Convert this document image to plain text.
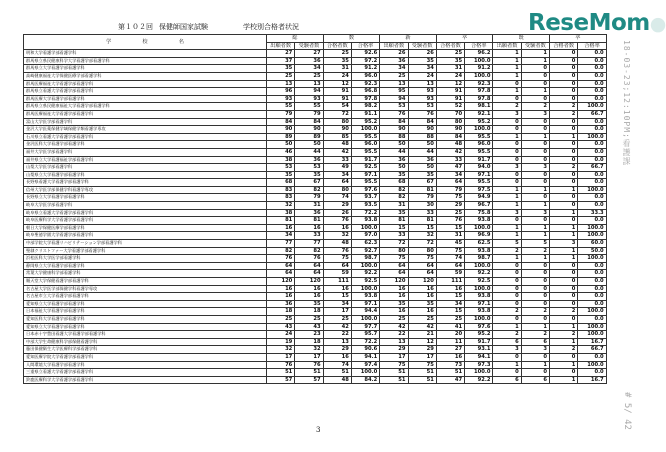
第１０２回 保健師国家試験	学校別合格者状況	ReseMom●
18-03-23;12:10PM;看護課
# 5/ 42
学　　　　　　校　　　　　　名	総		数		新		卒		既		卒	
	出願者数	受験者数	合格者数	合格率	出願者数	受験者数	合格者数	合格率	出願者数	受験者数	合格者数	合格率
明和大学看護学部看護学科	27	27	25	92.6	26	26	25	96.2	1	1	0	0.0
群馬県立県民健康科学大学看護学部看護学科	37	36	35	97.2	36	35	35	100.0	1	1	0	0.0
群馬県立大学看護学部看護学科	35	34	31	91.2	34	34	31	91.2	1	0	0	0.0
高崎健康福祉大学保健医療学部看護学科	25	25	24	96.0	25	24	24	100.0	1	0	0	0.0
群馬医療福祉大学看護学部看護学科	13	13	12	92.3	13	13	12	92.3	0	0	0	0.0
群馬県立看護大学看護学部看護学科	96	94	91	96.8	95	93	91	97.8	1	1	0	0.0
群馬医療大学看護学部看護学科	93	93	91	97.8	94	93	91	97.8	0	0	0	0.0
群馬県立県民健康福祉大学看護学部看護学科	55	55	54	98.2	53	53	52	98.1	2	2	2	100.0
群馬医療福祉大学看護学部看護学科	79	79	72	91.1	76	76	70	92.1	3	3	2	66.7
富山大学医学部看護学科	84	84	80	95.2	84	84	80	95.2	0	0	0	0.0
金沢大学医薬保健学域保健学類看護学専攻	90	90	90	100.0	90	90	90	100.0	0	0	0	0.0
石川県立看護大学看護学部看護学科	89	89	85	95.5	88	88	84	95.5	1	1	1	100.0
金沢医科大学看護学部看護学科	50	50	48	96.0	50	50	48	96.0	0	0	0	0.0
福井大学医学部看護学科	46	44	42	95.5	44	44	42	95.5	0	0	0	0.0
福井県立大学看護福祉学部看護学科	38	36	33	91.7	36	36	33	91.7	0	0	0	0.0
山梨大学医学部看護学科	53	53	49	92.5	50	50	47	94.0	3	3	2	66.7
山梨県立大学看護学部看護学科	35	35	34	97.1	35	35	34	97.1	0	0	0	0.0
長野県看護大学看護学部看護学科	68	67	64	95.5	68	67	64	95.5	0	0	0	0.0
信州大学医学部保健学科看護学専攻	83	82	80	97.6	82	81	79	97.5	1	1	1	100.0
長野県立大学看護学部看護学科	83	79	74	93.7	82	79	75	94.9	1	0	0	0.0
岐阜大学医学部看護学科	32	31	29	93.5	31	30	29	96.7	1	1	0	0.0
岐阜県立看護大学看護学部看護学科	38	36	26	72.2	35	33	25	75.8	3	3	1	33.3
岐阜医療科学大学看護学部看護学科	81	81	76	93.8	81	81	76	93.8	0	0	0	0.0
朝日大学保健医療学部看護学科	16	16	16	100.0	15	15	15	100.0	1	1	1	100.0
岐阜聖徳学園大学看護学部看護学科	34	33	32	97.0	33	32	31	96.9	1	1	1	100.0
中部学院大学看護リハビリテーション学部看護学科	77	77	48	62.3	72	72	45	62.5	5	5	3	60.0
聖隷クリストファー大学看護学部看護学科	82	82	76	92.7	80	80	75	93.8	2	2	1	50.0
浜松医科大学医学部看護学科	76	76	75	98.7	75	75	74	98.7	1	1	1	100.0
静岡県立大学看護学部看護学科	64	64	64	100.0	64	64	64	100.0	0	0	0	0.0
常葉大学健康科学部看護学科	64	64	59	92.2	64	64	59	92.2	0	0	0	0.0
順天堂大学保健看護学部看護学科	120	120	111	92.5	120	120	111	92.5	0	0	0	0.0
名古屋大学医学部保健学科看護学専攻	16	16	16	100.0	16	16	16	100.0	0	0	0	0.0
名古屋市立大学看護学部看護学科	16	16	15	93.8	16	16	15	93.8	0	0	0	0.0
愛知県立大学看護学部看護学科	36	35	34	97.1	35	35	34	97.1	0	0	0	0.0
日本福祉大学看護学部看護学科	18	18	17	94.4	16	16	15	93.8	2	2	2	100.0
愛知医科大学看護学部看護学科	25	25	25	100.0	25	25	25	100.0	0	0	0	0.0
愛知県立大学看護学部看護学科	43	43	42	97.7	42	42	41	97.6	1	1	1	100.0
日本赤十字豊田看護大学看護学部看護学科	24	23	22	95.7	22	21	20	95.2	2	2	2	100.0
中部大学生命健康科学部保健看護学科	19	18	13	72.2	13	12	11	91.7	6	6	1	16.7
藤田保健衛生大学医療科学部看護学科	32	32	29	90.6	29	29	27	93.1	3	3	2	66.7
愛知医療学院大学看護学部看護学科	17	17	16	94.1	17	17	16	94.1	0	0	0	0.0
人間環境大学看護学部看護学科	76	76	74	97.4	75	75	73	97.3	1	1	1	100.0
三重県立看護大学看護学部看護学科	51	51	51	100.0	51	51	51	100.0	0	0	0	0.0
鈴鹿医療科学大学看護学部看護学科	57	57	48	84.2	51	51	47	92.2	6	6	1	16.7
3
